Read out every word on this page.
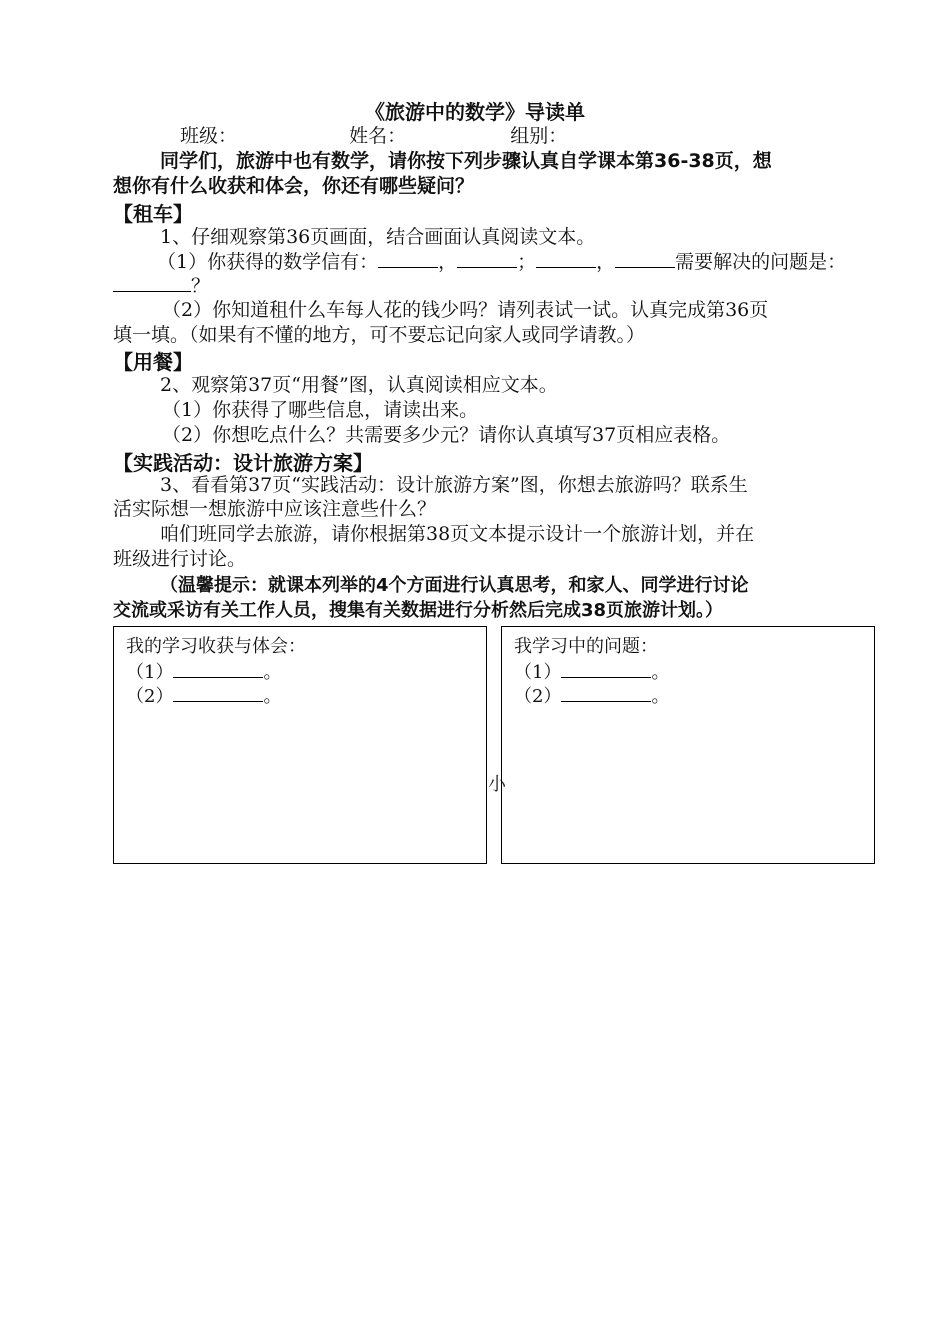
《旅游中的数学》导读单
班级：	姓名：	组别：
同学们，旅游中也有数学，请你按下列步骤认真自学课本第36-38页，想
想你有什么收获和体会，你还有哪些疑问？
【租车】
1、仔细观察第36页画面，结合画面认真阅读文本。
（1）你获得的数学信有：	，	；	，	需要解决的问题是：
？
（2）你知道租什么车每人花的钱少吗？请列表试一试。认真完成第36页
填一填。（如果有不懂的地方，可不要忘记向家人或同学请教。）
【用餐】
2、观察第37页“用餐”图，认真阅读相应文本。
（1）你获得了哪些信息，请读出来。
（2）你想吃点什么？共需要多少元？请你认真填写37页相应表格。
【实践活动：设计旅游方案】
3、看看第37页“实践活动：设计旅游方案”图，你想去旅游吗？联系生
活实际想一想旅游中应该注意些什么？
咱们班同学去旅游，请你根据第38页文本提示设计一个旅游计划，并在
班级进行讨论。
（温馨提示：就课本列举的4个方面进行认真思考，和家人、同学进行讨论
交流或采访有关工作人员，搜集有关数据进行分析然后完成38页旅游计划。）
我的学习收获与体会：
（1）	。
（2）	。
小
我学习中的问题：
（1）	。
（2）	。
